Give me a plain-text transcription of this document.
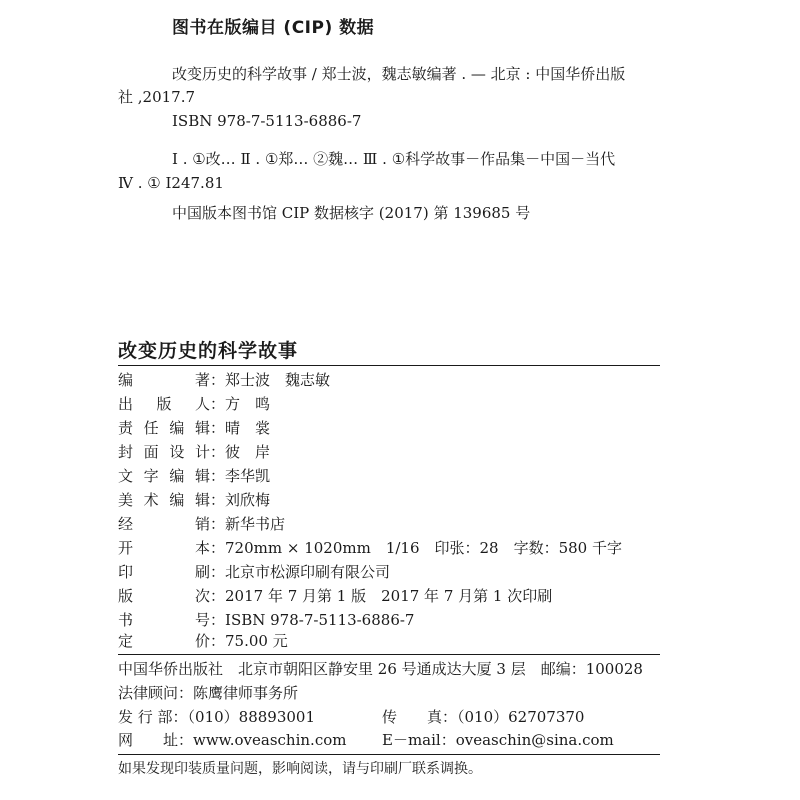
图书在版编目 (CIP) 数据
改变历史的科学故事 / 郑士波，魏志敏编著 . — 北京 : 中国华侨出版
社 ,2017.7
ISBN 978-7-5113-6886-7
Ⅰ . ①改… Ⅱ . ①郑… ②魏… Ⅲ . ①科学故事－作品集－中国－当代
Ⅳ . ① I247.81
中国版本图书馆 CIP 数据核字 (2017) 第 139685 号
改变历史的科学故事
编著：郑士波　魏志敏
出版人：方　鸣
责任编辑：晴　裳
封面设计：彼　岸
文字编辑：李华凯
美术编辑：刘欣梅
经销：新华书店
开本：720mm × 1020mm　1/16　印张：28　字数：580 千字
印刷：北京市松源印刷有限公司
版次：2017 年 7 月第 1 版　2017 年 7 月第 1 次印刷
书号：ISBN 978-7-5113-6886-7
定价：75.00 元
中国华侨出版社　北京市朝阳区静安里 26 号通成达大厦 3 层　邮编：100028
法律顾问：陈鹰律师事务所
发 行 部：（010）88893001	传　　真：（010）62707370
网　　址：www.oveaschin.com E－mail：oveaschin@sina.com
如果发现印装质量问题，影响阅读，请与印刷厂联系调换。
